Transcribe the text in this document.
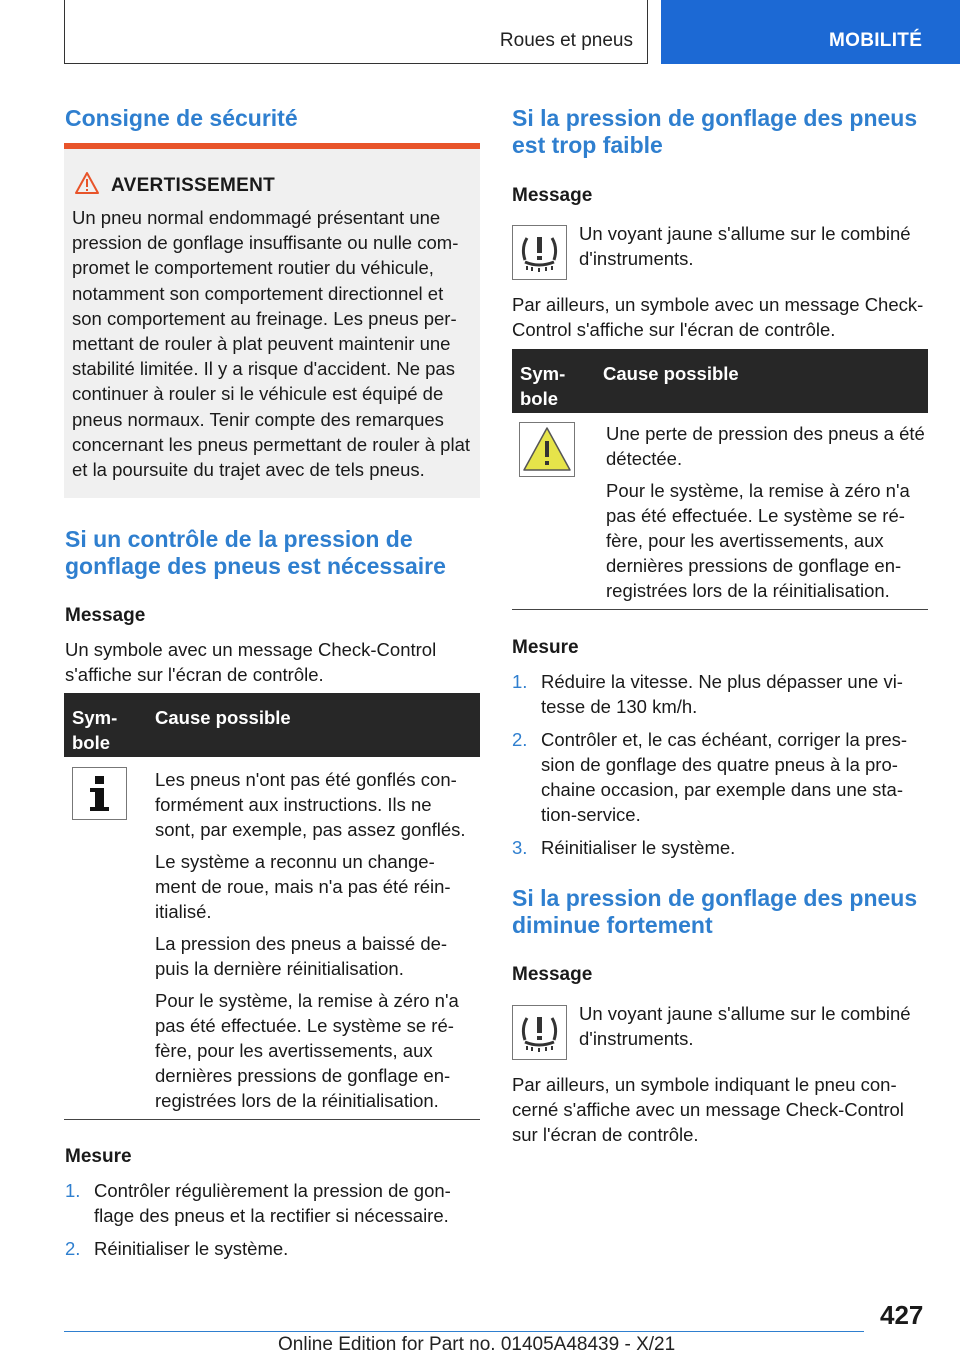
Roues et pneus	MOBILITÉ
Consigne de sécurité
AVERTISSEMENT
Un pneu normal endommagé présentant une pression de gonflage insuffisante ou nulle com-promet le comportement routier du véhicule, notamment son comportement directionnel et son comportement au freinage. Les pneus per-mettant de rouler à plat peuvent maintenir une stabilité limitée. Il y a risque d'accident. Ne pas continuer à rouler si le véhicule est équipé de pneus normaux. Tenir compte des remarques concernant les pneus permettant de rouler à plat et la poursuite du trajet avec de tels pneus.
Si un contrôle de la pression de
gonflage des pneus est nécessaire
Message
Un symbole avec un message Check-Control s'affiche sur l'écran de contrôle.
Sym-
bole
Cause possible
Les pneus n'ont pas été gonflés con-formément aux instructions. Ils ne sont, par exemple, pas assez gonflés.
Le système a reconnu un change-ment de roue, mais n'a pas été réin-itialisé.
La pression des pneus a baissé de-puis la dernière réinitialisation.
Pour le système, la remise à zéro n'a pas été effectuée. Le système se ré-fère, pour les avertissements, aux dernières pressions de gonflage en-registrées lors de la réinitialisation.
Mesure
1. Contrôler régulièrement la pression de gon-flage des pneus et la rectifier si nécessaire.
2. Réinitialiser le système.
Si la pression de gonflage des pneus
est trop faible
Message
Un voyant jaune s'allume sur le combiné d'instruments.
Par ailleurs, un symbole avec un message Check-Control s'affiche sur l'écran de contrôle.
Sym-
bole
Cause possible
Une perte de pression des pneus a été détectée.
Pour le système, la remise à zéro n'a pas été effectuée. Le système se ré-fère, pour les avertissements, aux dernières pressions de gonflage en-registrées lors de la réinitialisation.
Mesure
1. Réduire la vitesse. Ne plus dépasser une vi-tesse de 130 km/h.
2. Contrôler et, le cas échéant, corriger la pres-sion de gonflage des quatre pneus à la pro-chaine occasion, par exemple dans une sta-tion-service.
3. Réinitialiser le système.
Si la pression de gonflage des pneus
diminue fortement
Message
Un voyant jaune s'allume sur le combiné d'instruments.
Par ailleurs, un symbole indiquant le pneu con-cerné s'affiche avec un message Check-Control sur l'écran de contrôle.
427
Online Edition for Part no. 01405A48439 - X/21
